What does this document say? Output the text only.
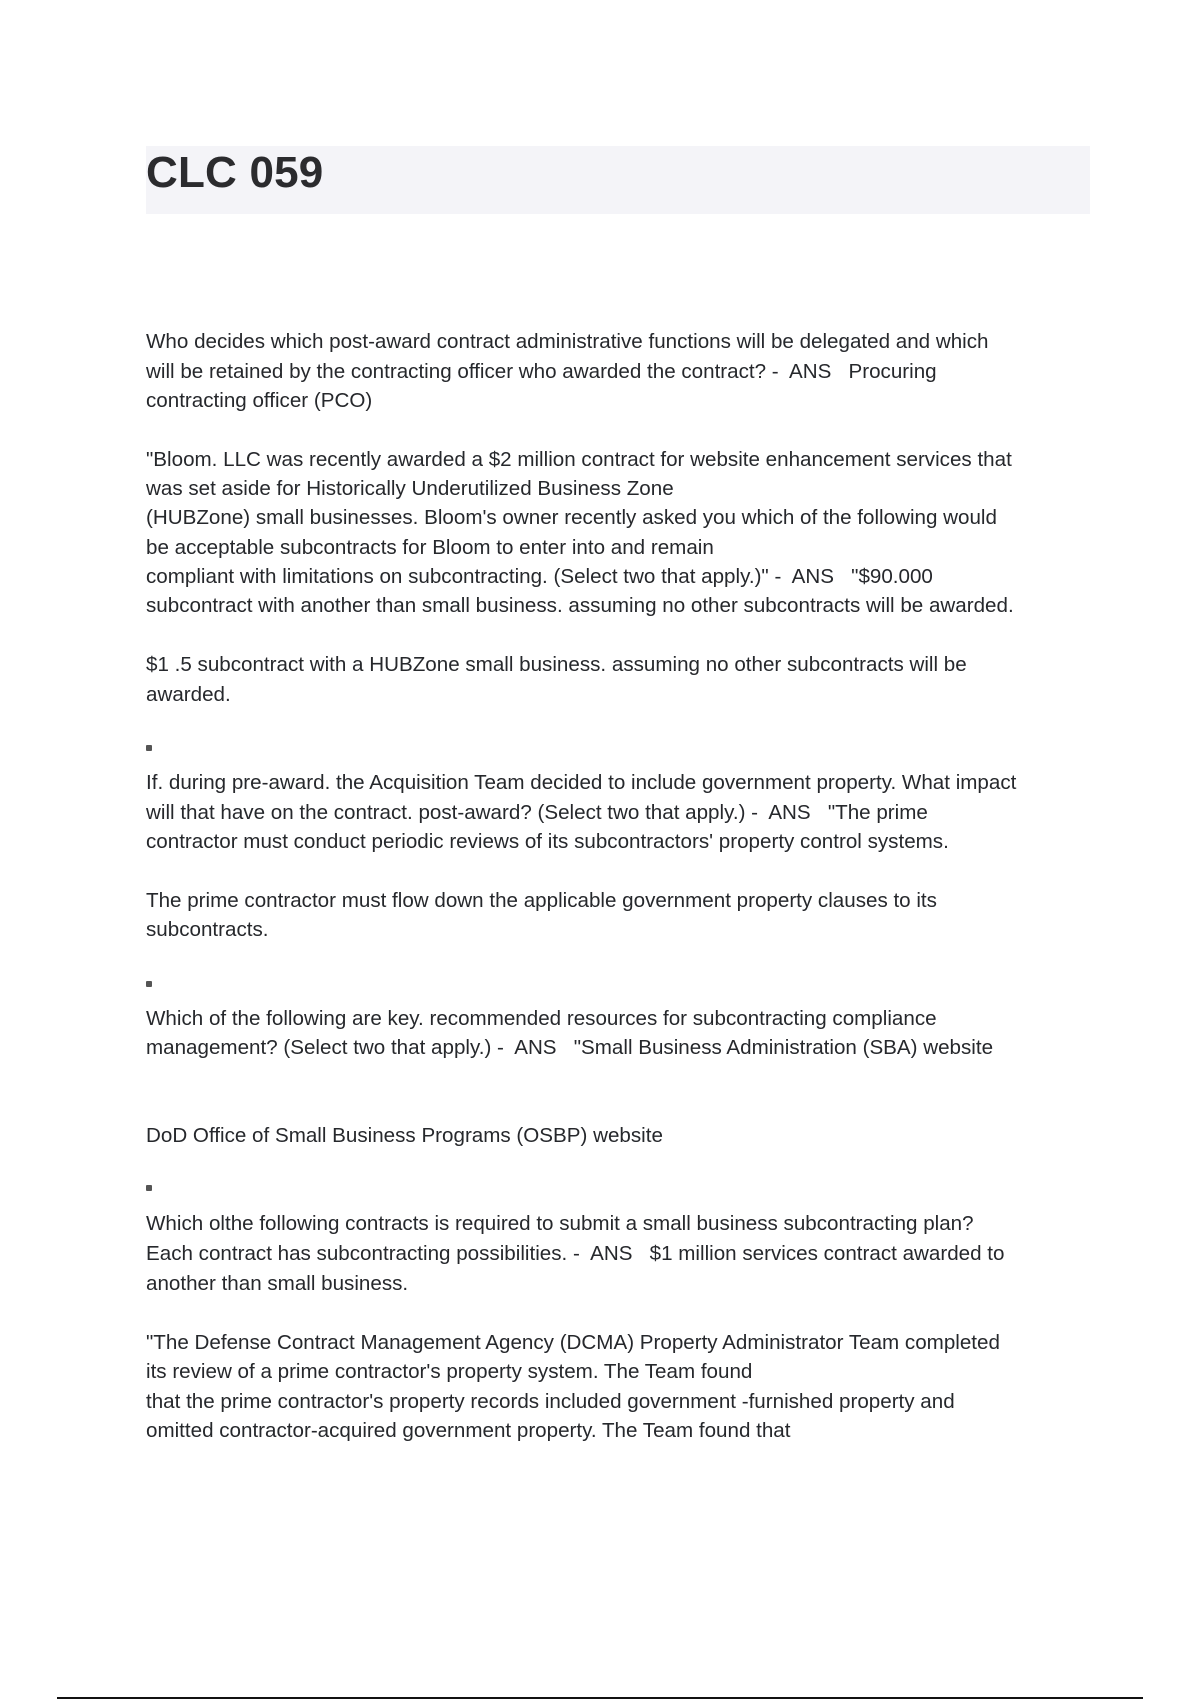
CLC 059

Who decides which post-award contract administrative functions will be delegated and which

will be retained by the contracting officer who awarded the contract? -  ANS   Procuring

contracting officer (PCO)

"Bloom. LLC was recently awarded a $2 million contract for website enhancement services that

was set aside for Historically Underutilized Business Zone

(HUBZone) small businesses. Bloom's owner recently asked you which of the following would

be acceptable subcontracts for Bloom to enter into and remain

compliant with limitations on subcontracting. (Select two that apply.)" -  ANS   "$90.000

subcontract with another than small business. assuming no other subcontracts will be awarded.

$1 .5 subcontract with a HUBZone small business. assuming no other subcontracts will be

awarded.

If. during pre-award. the Acquisition Team decided to include government property. What impact

will that have on the contract. post-award? (Select two that apply.) -  ANS   "The prime

contractor must conduct periodic reviews of its subcontractors' property control systems.

The prime contractor must flow down the applicable government property clauses to its

subcontracts.

Which of the following are key. recommended resources for subcontracting compliance

management? (Select two that apply.) -  ANS   "Small Business Administration (SBA) website

DoD Office of Small Business Programs (OSBP) website

Which olthe following contracts is required to submit a small business subcontracting plan?

Each contract has subcontracting possibilities. -  ANS   $1 million services contract awarded to

another than small business.

"The Defense Contract Management Agency (DCMA) Property Administrator Team completed

its review of a prime contractor's property system. The Team found

that the prime contractor's property records included government -furnished property and

omitted contractor-acquired government property. The Team found that
